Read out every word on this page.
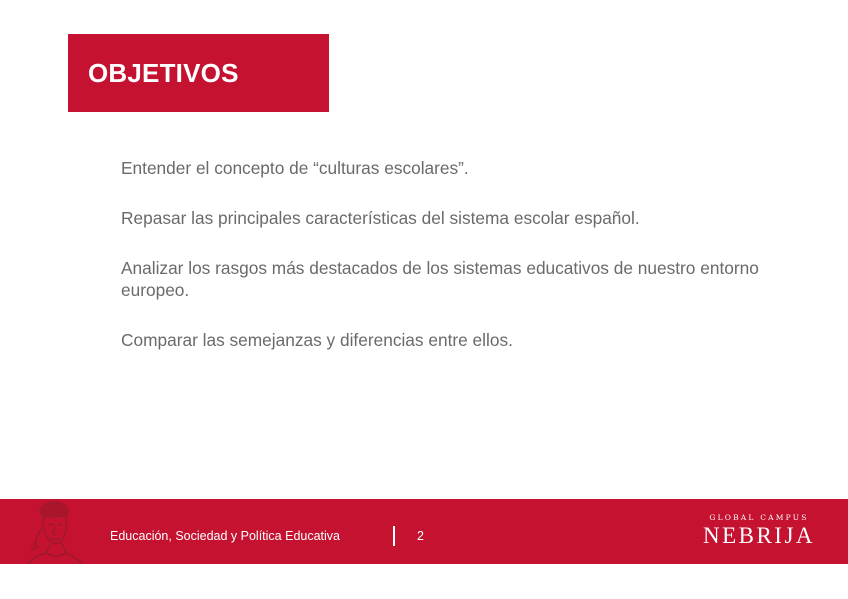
OBJETIVOS
Entender el concepto de “culturas escolares”.
Repasar las principales características del sistema escolar español.
Analizar los rasgos más destacados de los sistemas educativos de nuestro entorno europeo.
Comparar las semejanzas y diferencias entre ellos.
Educación, Sociedad y Política Educativa	2
GLOBAL CAMPUS
NEBRIJA
